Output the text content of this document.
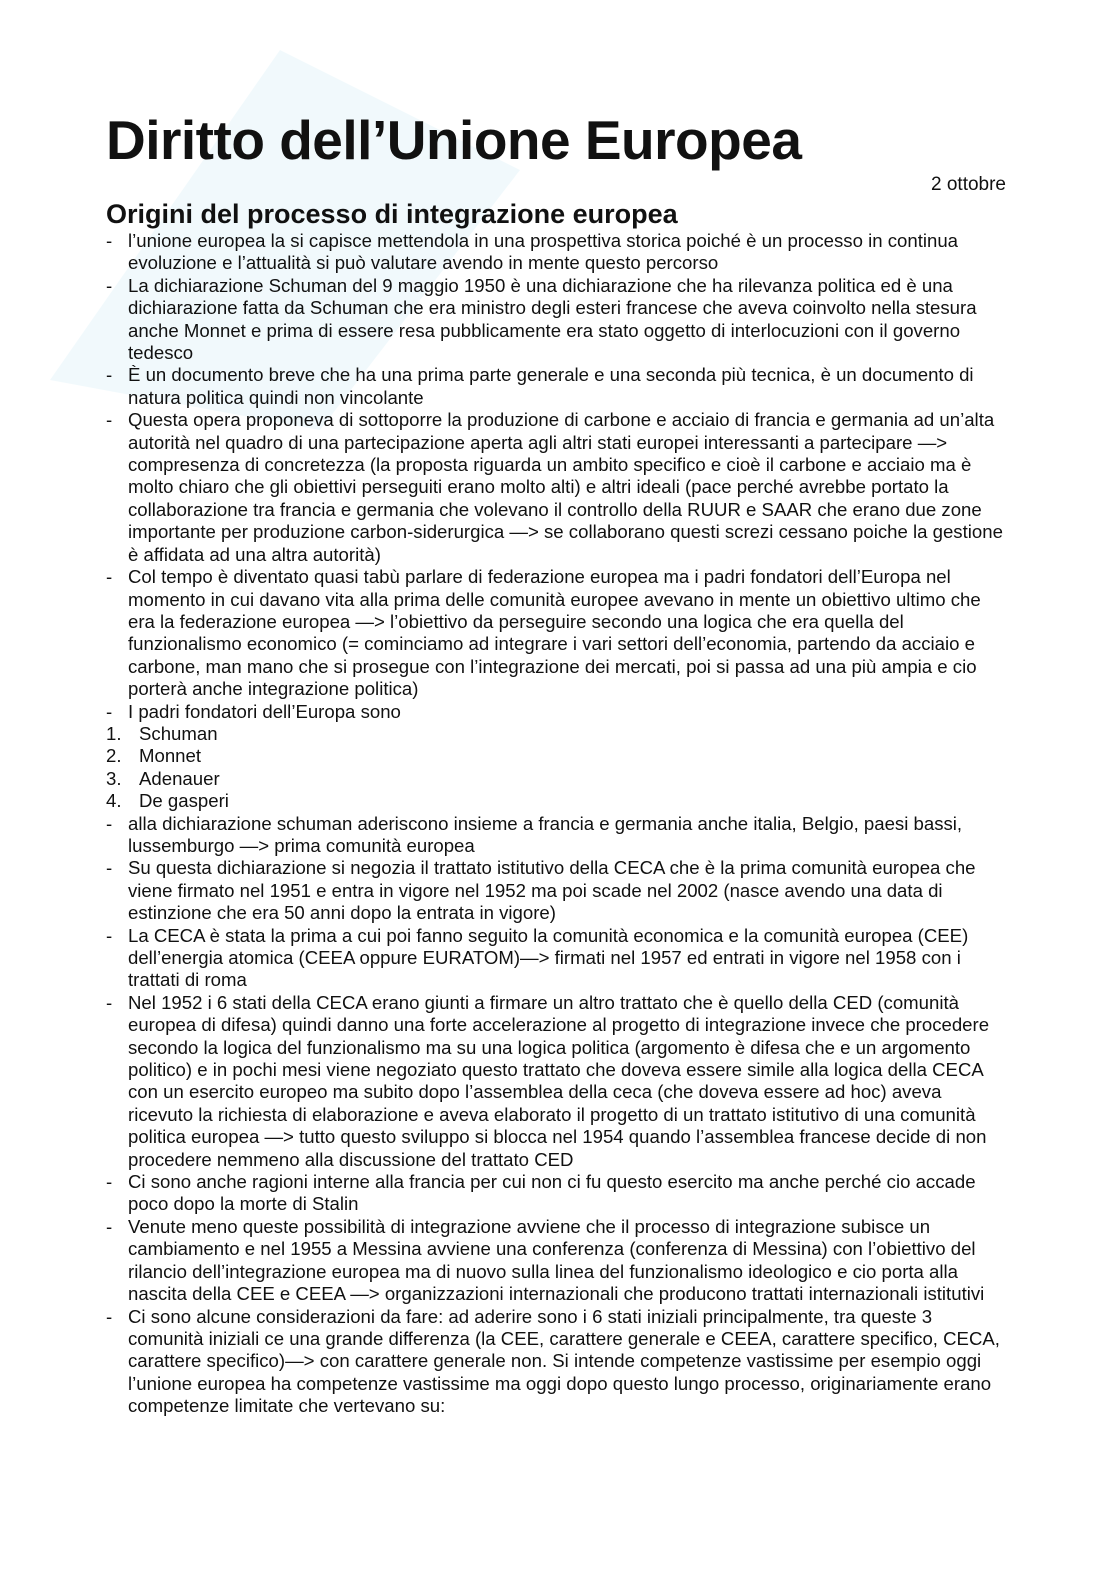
Diritto dell’Unione Europea
2 ottobre
Origini del processo di integrazione europea
- l’unione europea la si capisce mettendola in una prospettiva storica poiché è un processo in continua evoluzione e l’attualità si può valutare avendo in mente questo percorso
- La dichiarazione Schuman del 9 maggio 1950 è una dichiarazione che ha rilevanza politica ed è una dichiarazione fatta da Schuman che era ministro degli esteri francese che aveva coinvolto nella stesura anche Monnet e prima di essere resa pubblicamente era stato oggetto di interlocuzioni con il governo tedesco
- È un documento breve che ha una prima parte generale e una seconda più tecnica, è un documento di natura politica quindi non vincolante
- Questa opera proponeva di sottoporre la produzione di carbone e acciaio di francia e germania ad un’alta autorità nel quadro di una partecipazione aperta agli altri stati europei interessanti a partecipare —> compresenza di concretezza (la proposta riguarda un ambito specifico e cioè il carbone e acciaio ma è molto chiaro che gli obiettivi perseguiti erano molto alti) e altri ideali (pace perché avrebbe portato la collaborazione tra francia e germania che volevano il controllo della RUUR e SAAR che erano due zone importante per produzione carbon-siderurgica —> se collaborano questi screzi cessano poiche la gestione è affidata ad una altra autorità)
- Col tempo è diventato quasi tabù parlare di federazione europea ma i padri fondatori dell’Europa nel momento in cui davano vita alla prima delle comunità europee avevano in mente un obiettivo ultimo che era la federazione europea —> l’obiettivo da perseguire secondo una logica che era quella del funzionalismo economico (= cominciamo ad integrare i vari settori dell’economia, partendo da acciaio e carbone, man mano che si prosegue con l’integrazione dei mercati, poi si passa ad una più ampia e cio porterà anche integrazione politica)
- I padri fondatori dell’Europa sono
1. Schuman
2. Monnet
3. Adenauer
4. De gasperi
- alla dichiarazione schuman aderiscono insieme a francia e germania anche italia, Belgio, paesi bassi, lussemburgo —> prima comunità europea
- Su questa dichiarazione si negozia il trattato istitutivo della CECA che è la prima comunità europea che viene firmato nel 1951 e entra in vigore nel 1952 ma poi scade nel 2002 (nasce avendo una data di estinzione che era 50 anni dopo la entrata in vigore)
- La CECA è stata la prima a cui poi fanno seguito la comunità economica e la comunità europea (CEE) dell’energia atomica (CEEA oppure EURATOM)—> firmati nel 1957 ed entrati in vigore nel 1958 con i trattati di roma
- Nel 1952 i 6 stati della CECA erano giunti a firmare un altro trattato che è quello della CED (comunità europea di difesa) quindi danno una forte accelerazione al progetto di integrazione invece che procedere secondo la logica del funzionalismo ma su una logica politica (argomento è difesa che e un argomento politico) e in pochi mesi viene negoziato questo trattato che doveva essere simile alla logica della CECA con un esercito europeo ma subito dopo l’assemblea della ceca (che doveva essere ad hoc) aveva ricevuto la richiesta di elaborazione e aveva elaborato il progetto di un trattato istitutivo di una comunità politica europea —> tutto questo sviluppo si blocca nel 1954 quando l’assemblea francese decide di non procedere nemmeno alla discussione del trattato CED
- Ci sono anche ragioni interne alla francia per cui non ci fu questo esercito ma anche perché cio accade poco dopo la morte di Stalin
- Venute meno queste possibilità di integrazione avviene che il processo di integrazione subisce un cambiamento e nel 1955 a Messina avviene una conferenza (conferenza di Messina) con l’obiettivo del rilancio dell’integrazione europea ma di nuovo sulla linea del funzionalismo ideologico e cio porta alla nascita della CEE e CEEA —> organizzazioni internazionali che producono trattati internazionali istitutivi
- Ci sono alcune considerazioni da fare: ad aderire sono i 6 stati iniziali principalmente, tra queste 3 comunità iniziali ce una grande differenza (la CEE, carattere generale e CEEA, carattere specifico, CECA, carattere specifico)—> con carattere generale non. Si intende competenze vastissime per esempio oggi l’unione europea ha competenze vastissime ma oggi dopo questo lungo processo, originariamente erano competenze limitate che vertevano su:
